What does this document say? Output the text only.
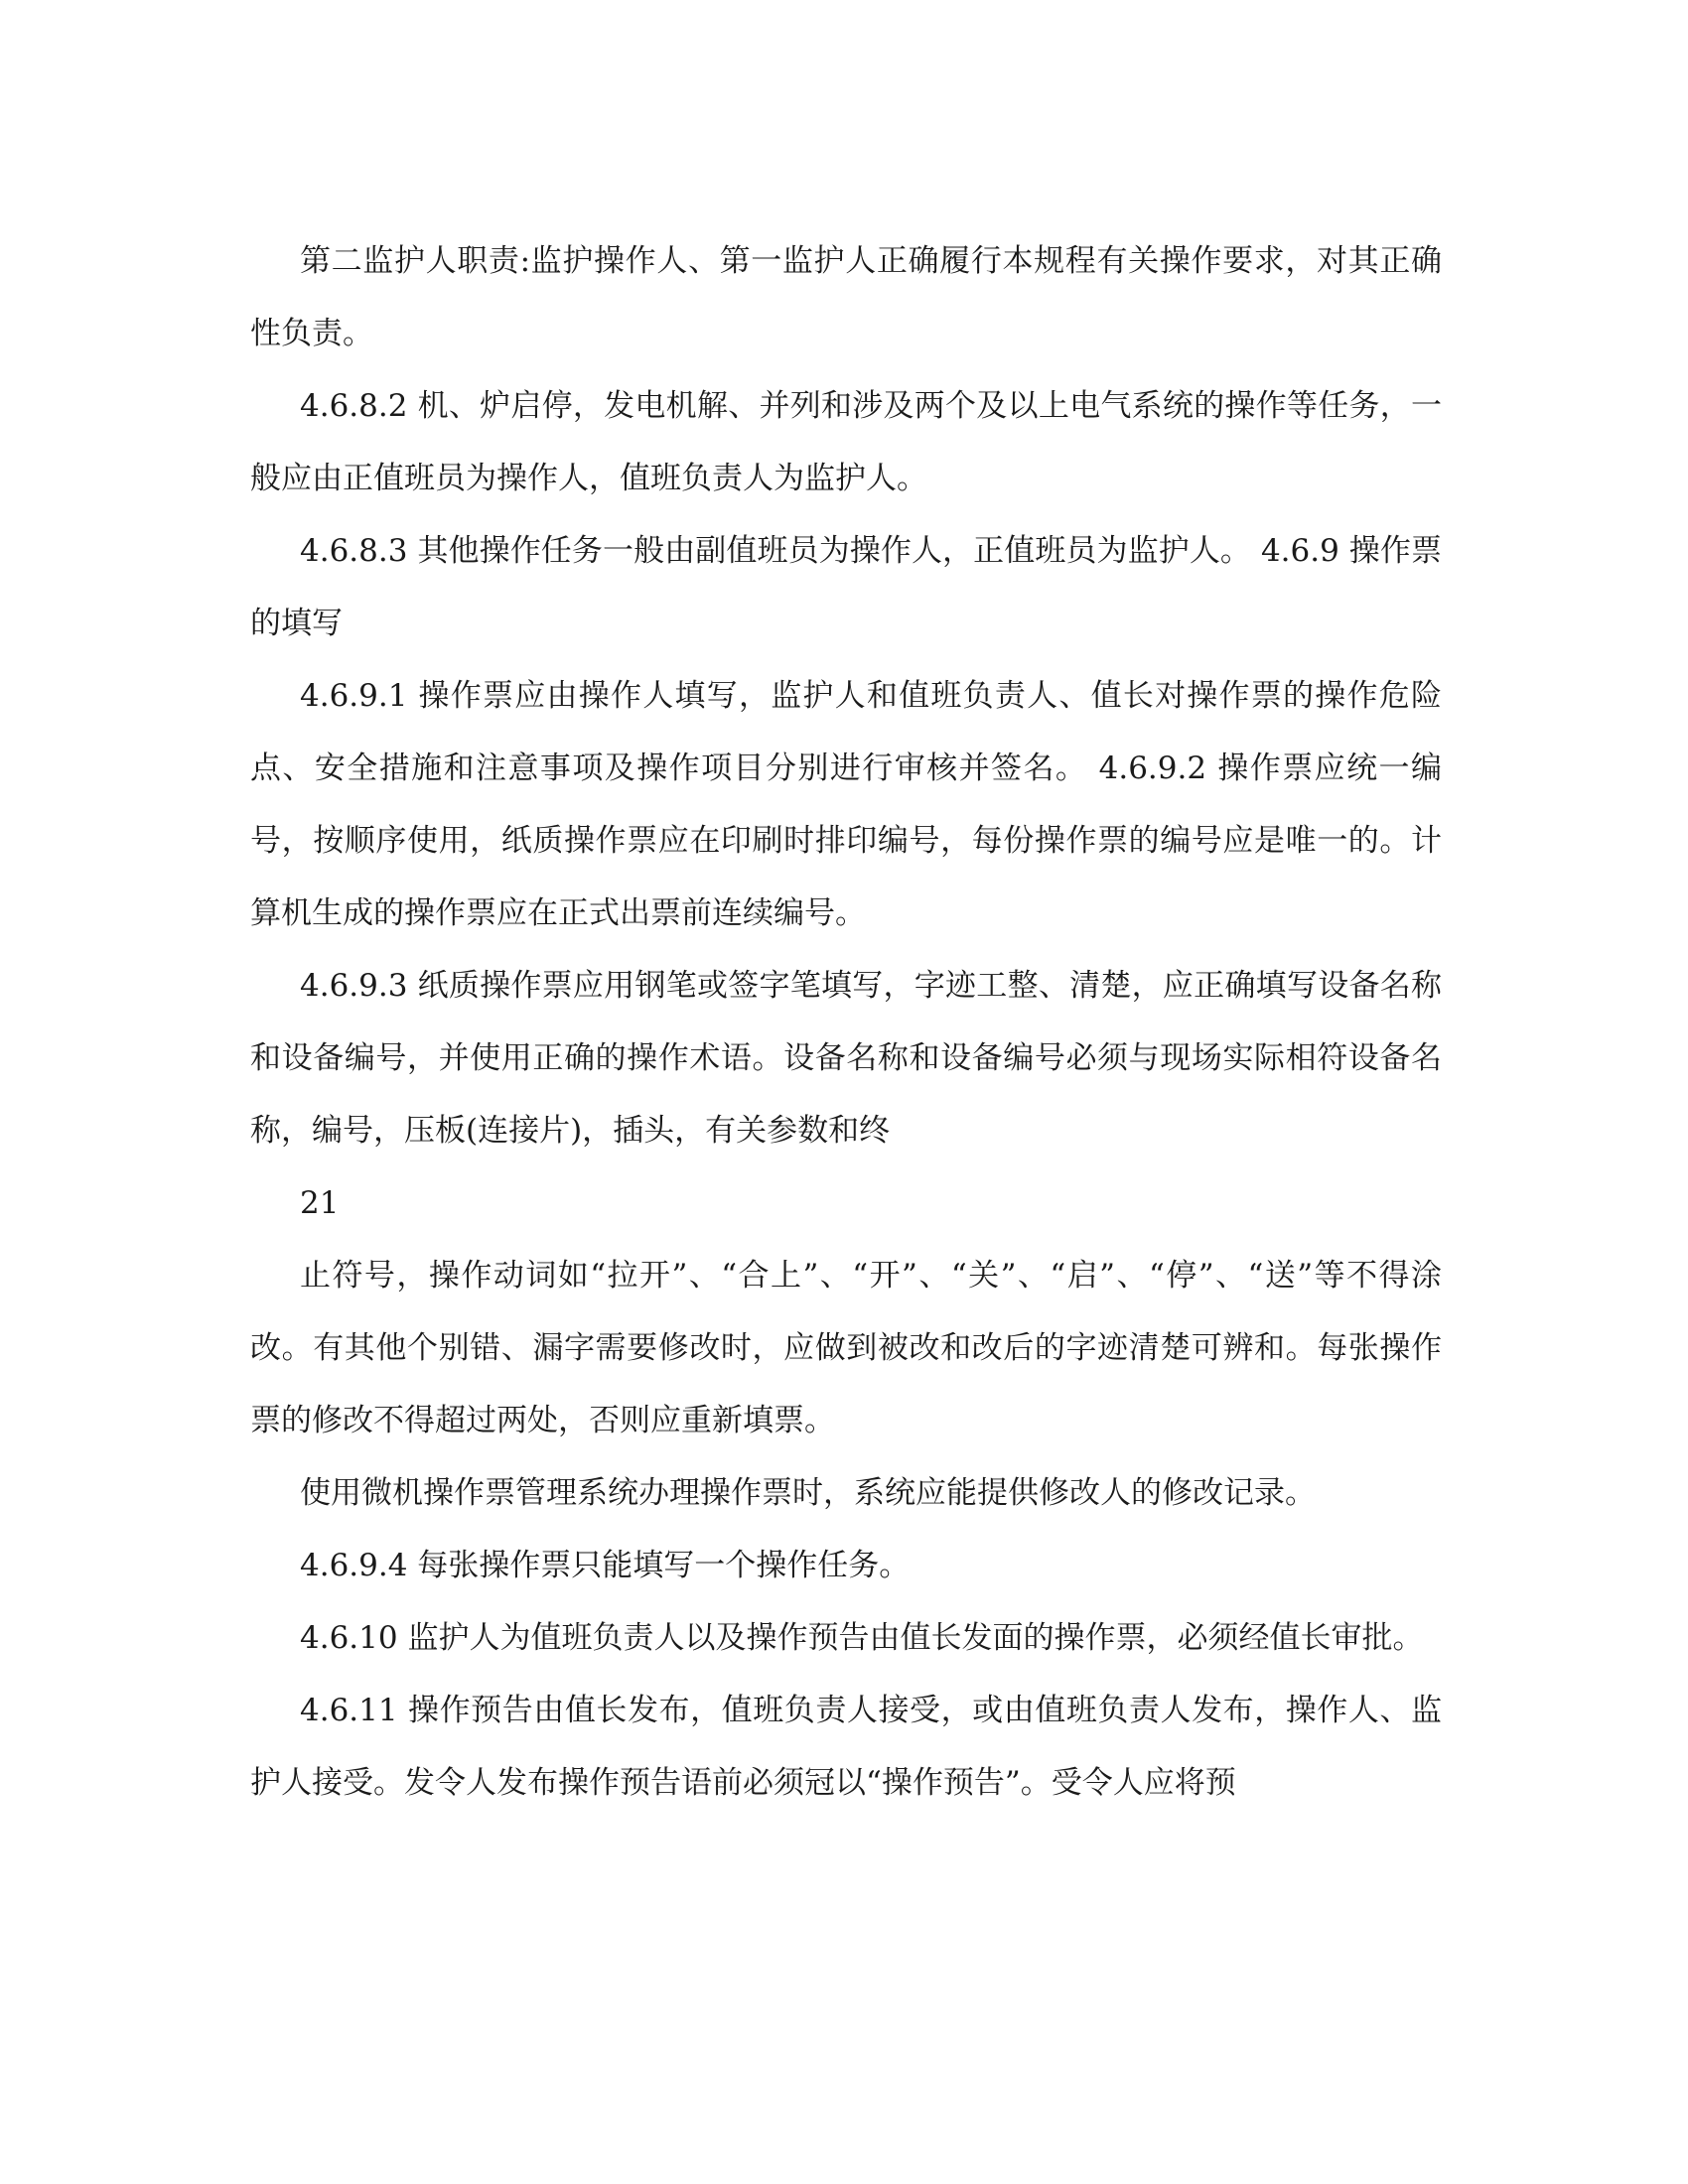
第二监护人职责:监护操作人、第一监护人正确履行本规程有关操作要求，对其正确性负责。

4.6.8.2 机、炉启停，发电机解、并列和涉及两个及以上电气系统的操作等任务，一般应由正值班员为操作人，值班负责人为监护人。

4.6.8.3 其他操作任务一般由副值班员为操作人，正值班员为监护人。 4.6.9 操作票的填写

4.6.9.1 操作票应由操作人填写，监护人和值班负责人、值长对操作票的操作危险点、安全措施和注意事项及操作项目分别进行审核并签名。 4.6.9.2 操作票应统一编号，按顺序使用，纸质操作票应在印刷时排印编号，每份操作票的编号应是唯一的。计算机生成的操作票应在正式出票前连续编号。

4.6.9.3 纸质操作票应用钢笔或签字笔填写，字迹工整、清楚，应正确填写设备名称和设备编号，并使用正确的操作术语。设备名称和设备编号必须与现场实际相符设备名称，编号，压板(连接片)，插头，有关参数和终

21

止符号，操作动词如“拉开”、“合上”、“开”、“关”、“启”、“停”、“送”等不得涂改。有其他个别错、漏字需要修改时，应做到被改和改后的字迹清楚可辨和。每张操作票的修改不得超过两处，否则应重新填票。

使用微机操作票管理系统办理操作票时，系统应能提供修改人的修改记录。

4.6.9.4 每张操作票只能填写一个操作任务。

4.6.10 监护人为值班负责人以及操作预告由值长发面的操作票，必须经值长审批。

4.6.11 操作预告由值长发布，值班负责人接受，或由值班负责人发布，操作人、监护人接受。发令人发布操作预告语前必须冠以“操作预告”。受令人应将预
